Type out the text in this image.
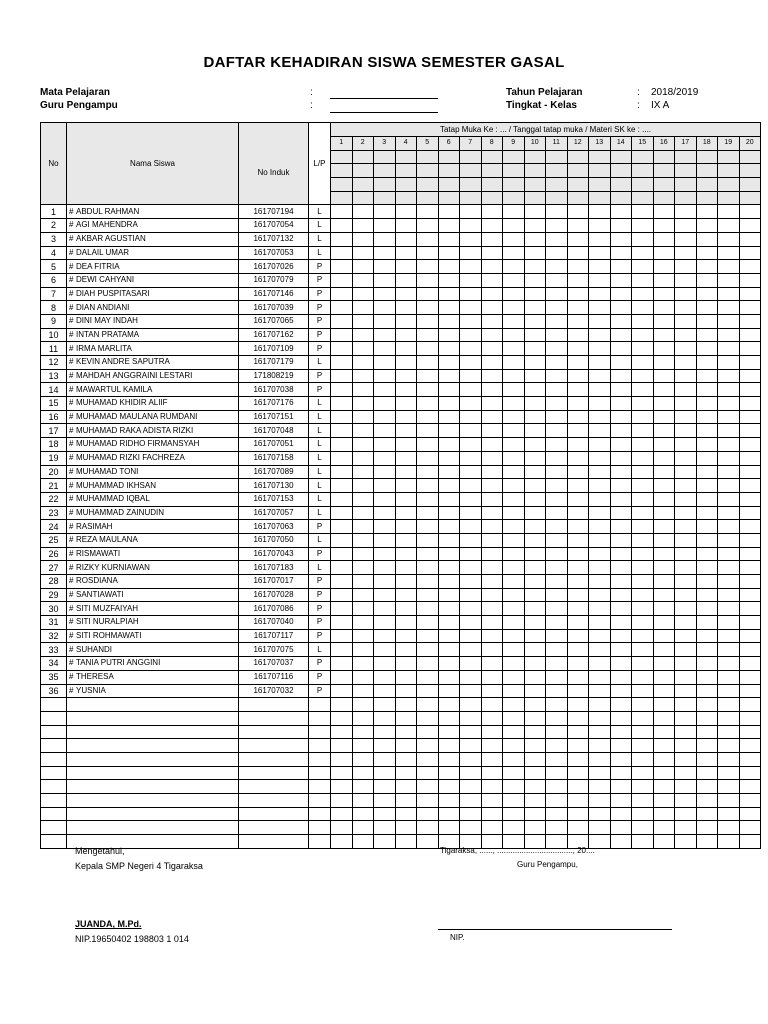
DAFTAR KEHADIRAN SISWA SEMESTER GASAL
Mata Pelajaran	:
Guru Pengampu	:
Tahun Pelajaran	: 2018/2019
Tingkat - Kelas	: IX A
No	Nama Siswa	No Induk	L/P	Tatap Muka Ke : ... / Tanggal tatap muka / Materi SK ke : ....																			
				1	2	3	4	5	6	7	8	9	10	11	12	13	14	15	16	17	18	19	20

1	# ABDUL RAHMAN	161707194	L																				
2	# AGI MAHENDRA	161707054	L																				
3	# AKBAR AGUSTIAN	161707132	L																				
4	# DALAIL UMAR	161707053	L																				
5	# DEA FITRIA	161707026	P																				
6	# DEWI CAHYANI	161707079	P																				
7	# DIAH PUSPITASARI	161707146	P																				
8	# DIAN ANDIANI	161707039	P																				
9	# DINI MAY INDAH	161707065	P																				
10	# INTAN PRATAMA	161707162	P																				
11	# IRMA MARLITA	161707109	P																				
12	# KEVIN ANDRE SAPUTRA	161707179	L																				
13	# MAHDAH ANGGRAINI LESTARI	171808219	P																				
14	# MAWARTUL KAMILA	161707038	P																				
15	# MUHAMAD KHIDIR ALIIF	161707176	L																				
16	# MUHAMAD MAULANA RUMDANI	161707151	L																				
17	# MUHAMAD RAKA ADISTA RIZKI	161707048	L																				
18	# MUHAMAD RIDHO FIRMANSYAH	161707051	L																				
19	# MUHAMAD RIZKI FACHREZA	161707158	L																				
20	# MUHAMAD TONI	161707089	L																				
21	# MUHAMMAD IKHSAN	161707130	L																				
22	# MUHAMMAD IQBAL	161707153	L																				
23	# MUHAMMAD ZAINUDIN	161707057	L																				
24	# RASIMAH	161707063	P																				
25	# REZA MAULANA	161707050	L																				
26	# RISMAWATI	161707043	P																				
27	# RIZKY KURNIAWAN	161707183	L																				
28	# ROSDIANA	161707017	P																				
29	# SANTIAWATI	161707028	P																				
30	# SITI MUZFAIYAH	161707086	P																				
31	# SITI NURALPIAH	161707040	P																				
32	# SITI ROHMAWATI	161707117	P																				
33	# SUHANDI	161707075	L																				
34	# TANIA PUTRI ANGGINI	161707037	P																				
35	# THERESA	161707116	P																				
36	# YUSNIA	161707032	P																				

Mengetahui,
Kepala SMP Negeri 4 Tigaraksa
JUANDA, M.Pd.
NIP.19650402 198803 1 014
Tigaraksa, ......, .................................., 20....
Guru Pengampu,
NIP.
